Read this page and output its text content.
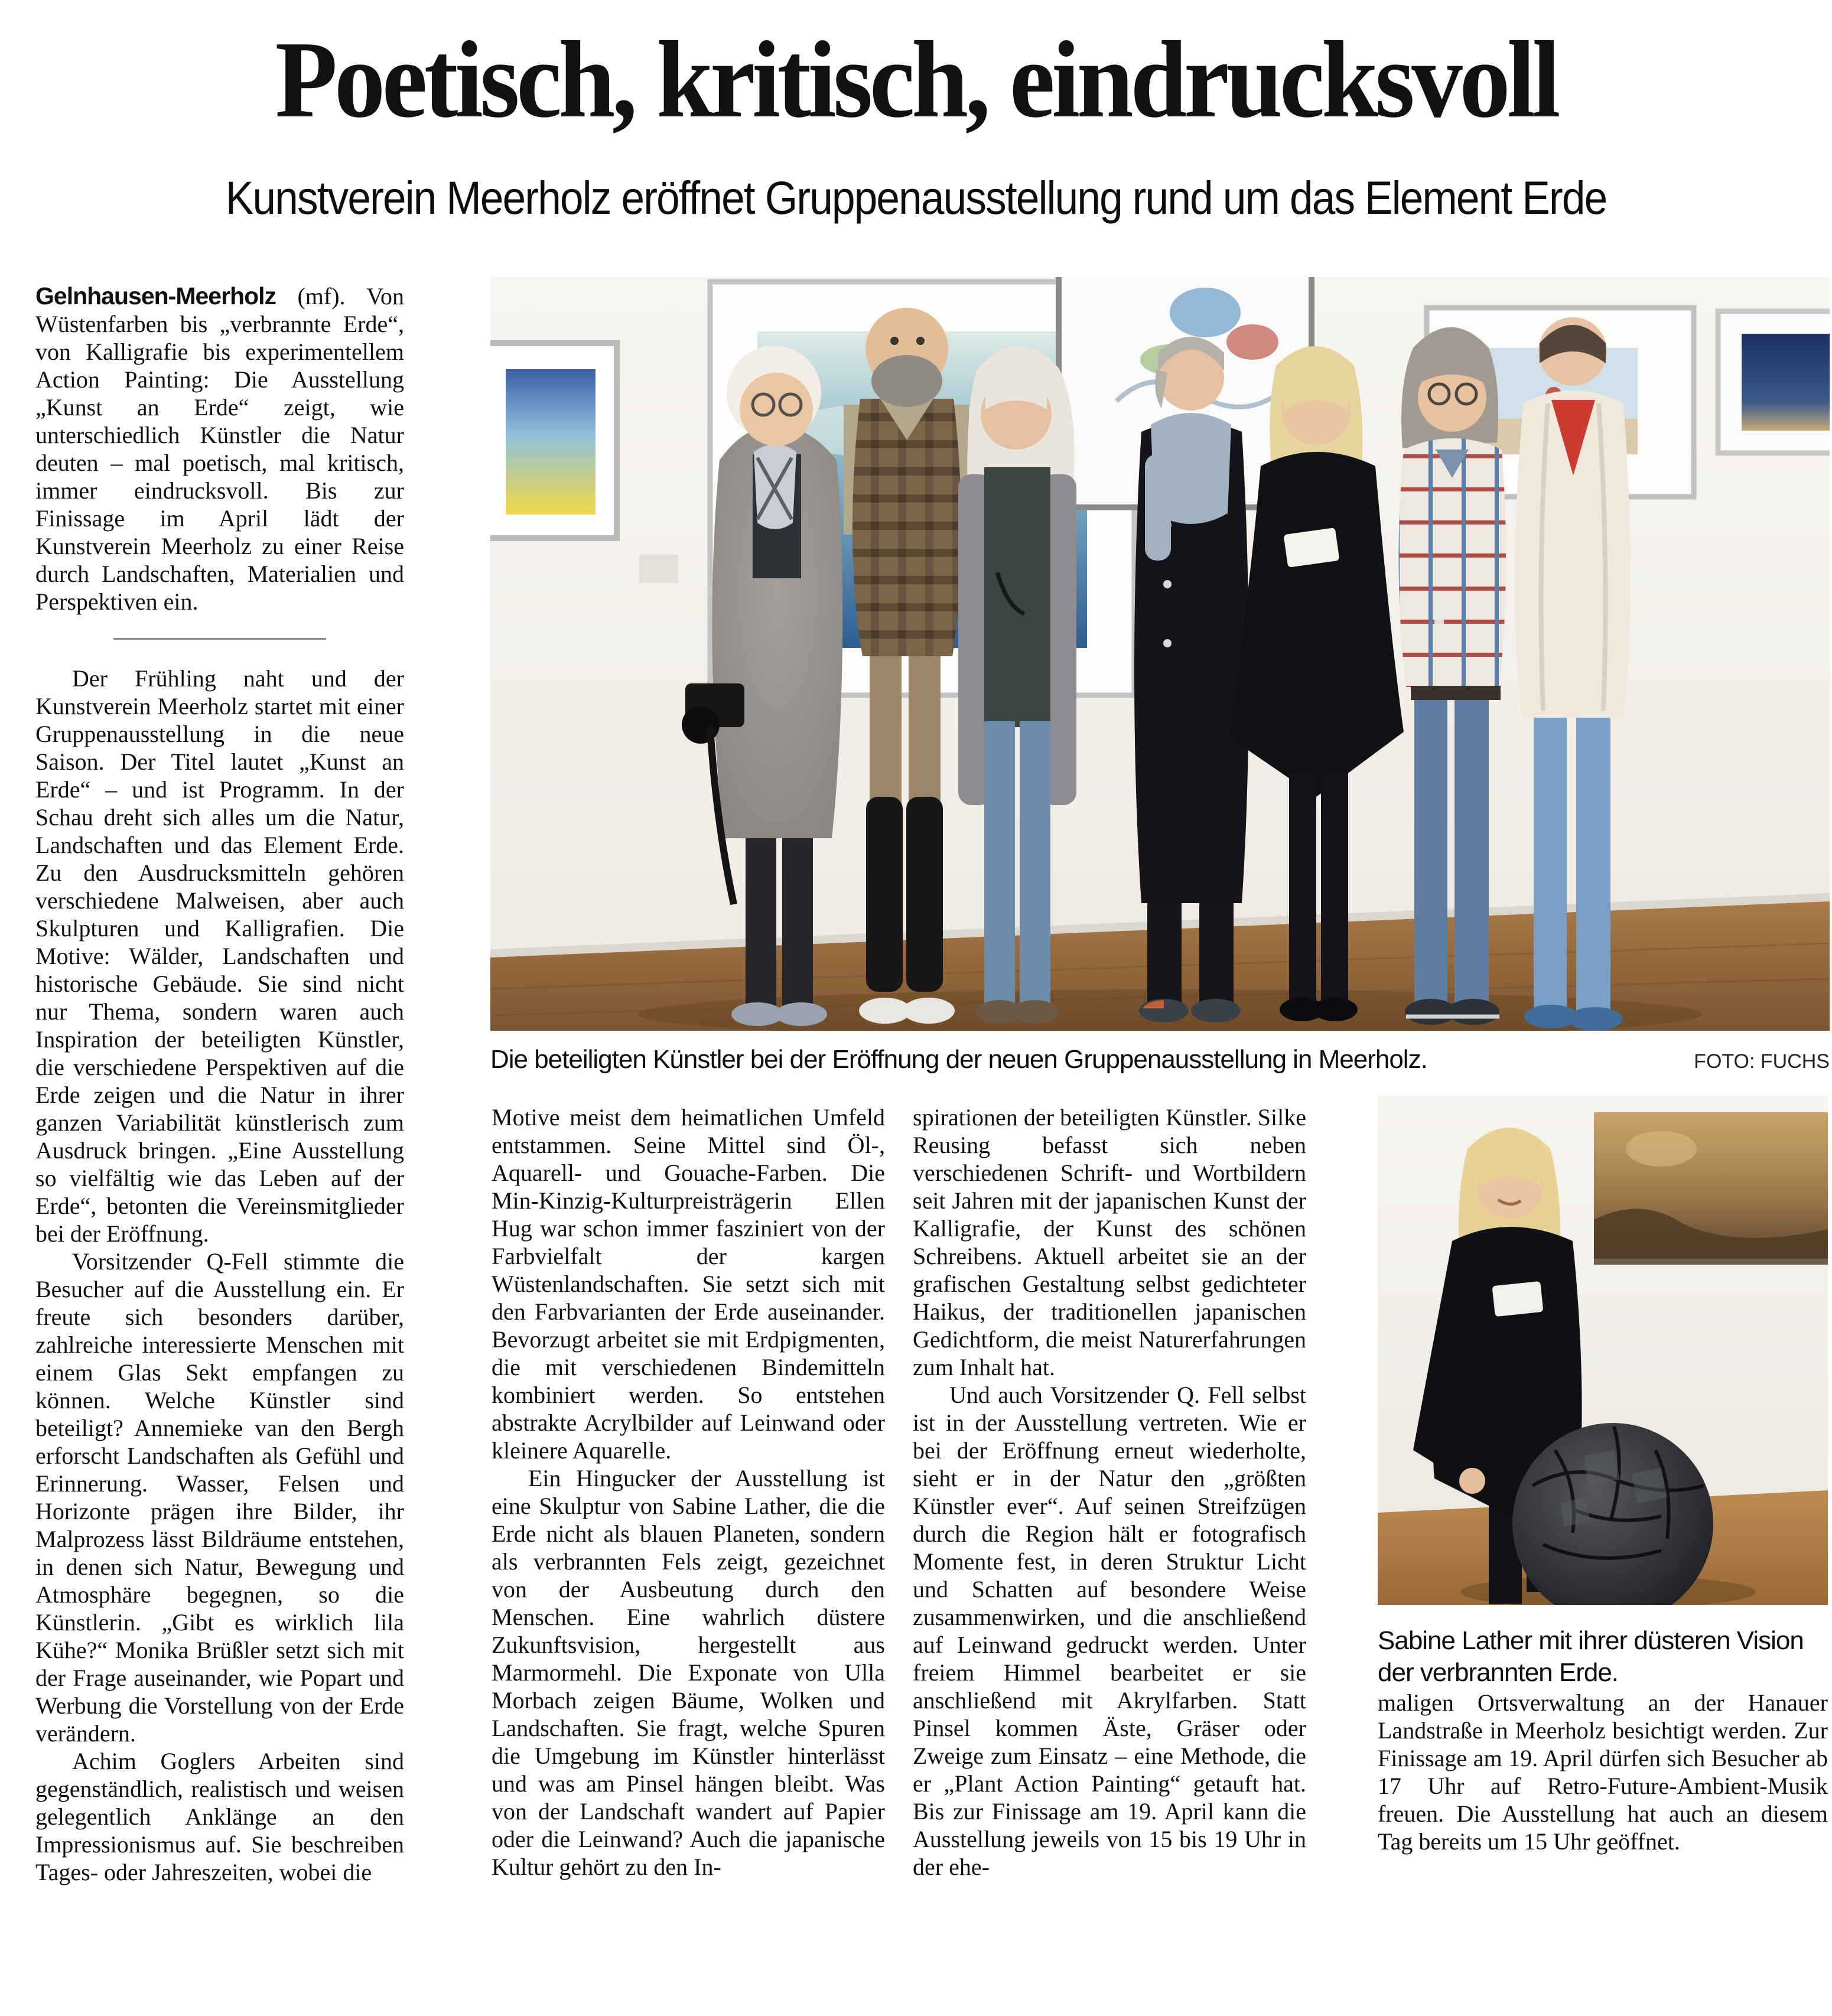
Poetisch, kritisch, eindrucksvoll
Kunstverein Meerholz eröffnet Gruppenausstellung rund um das Element Erde

Gelnhausen-Meerholz (mf). Von Wüstenfarben bis „verbrannte Erde“, von Kalligrafie bis experimentellem Action Painting: Die Ausstellung „Kunst an Erde“ zeigt, wie unterschiedlich Künstler die Natur deuten – mal poetisch, mal kritisch, immer eindrucksvoll. Bis zur Finissage im April lädt der Kunstverein Meerholz zu einer Reise durch Landschaften, Materialien und Perspektiven ein.

Der Frühling naht und der Kunstverein Meerholz startet mit einer Gruppenausstellung in die neue Saison. Der Titel lautet „Kunst an Erde“ – und ist Programm. In der Schau dreht sich alles um die Natur, Landschaften und das Element Erde. Zu den Ausdrucksmitteln gehören verschiedene Malweisen, aber auch Skulpturen und Kalligrafien. Die Motive: Wälder, Landschaften und historische Gebäude. Sie sind nicht nur Thema, sondern waren auch Inspiration der beteiligten Künstler, die verschiedene Perspektiven auf die Erde zeigen und die Natur in ihrer ganzen Variabilität künstlerisch zum Ausdruck bringen. „Eine Ausstellung so vielfältig wie das Leben auf der Erde“, betonten die Vereinsmitglieder bei der Eröffnung.

Vorsitzender Q-Fell stimmte die Besucher auf die Ausstellung ein. Er freute sich besonders darüber, zahlreiche interessierte Menschen mit einem Glas Sekt empfangen zu können. Welche Künstler sind beteiligt? Annemieke van den Bergh erforscht Landschaften als Gefühl und Erinnerung. Wasser, Felsen und Horizonte prägen ihre Bilder, ihr Malprozess lässt Bildräume entstehen, in denen sich Natur, Bewegung und Atmosphäre begegnen, so die Künstlerin. „Gibt es wirklich lila Kühe?“ Monika Brüßler setzt sich mit der Frage auseinander, wie Popart und Werbung die Vorstellung von der Erde verändern.

Achim Goglers Arbeiten sind gegenständlich, realistisch und weisen gelegentlich Anklänge an den Impressionismus auf. Sie beschreiben Tages- oder Jahreszeiten, wobei die

Die beteiligten Künstler bei der Eröffnung der neuen Gruppenausstellung in Meerholz.	FOTO: FUCHS

Motive meist dem heimatlichen Umfeld entstammen. Seine Mittel sind Öl-, Aquarell- und Gouache-Farben. Die Min-Kinzig-Kulturpreisträgerin Ellen Hug war schon immer fasziniert von der Farbvielfalt der kargen Wüstenlandschaften. Sie setzt sich mit den Farbvarianten der Erde auseinander. Bevorzugt arbeitet sie mit Erdpigmenten, die mit verschiedenen Bindemitteln kombiniert werden. So entstehen abstrakte Acrylbilder auf Leinwand oder kleinere Aquarelle.

Ein Hingucker der Ausstellung ist eine Skulptur von Sabine Lather, die die Erde nicht als blauen Planeten, sondern als verbrannten Fels zeigt, gezeichnet von der Ausbeutung durch den Menschen. Eine wahrlich düstere Zukunftsvision, hergestellt aus Marmormehl. Die Exponate von Ulla Morbach zeigen Bäume, Wolken und Landschaften. Sie fragt, welche Spuren die Umgebung im Künstler hinterlässt und was am Pinsel hängen bleibt. Was von der Landschaft wandert auf Papier oder die Leinwand? Auch die japanische Kultur gehört zu den In-

spirationen der beteiligten Künstler. Silke Reusing befasst sich neben verschiedenen Schrift- und Wortbildern seit Jahren mit der japanischen Kunst der Kalligrafie, der Kunst des schönen Schreibens. Aktuell arbeitet sie an der grafischen Gestaltung selbst gedichteter Haikus, der traditionellen japanischen Gedichtform, die meist Naturerfahrungen zum Inhalt hat.

Und auch Vorsitzender Q. Fell selbst ist in der Ausstellung vertreten. Wie er bei der Eröffnung erneut wiederholte, sieht er in der Natur den „größten Künstler ever“. Auf seinen Streifzügen durch die Region hält er fotografisch Momente fest, in deren Struktur Licht und Schatten auf besondere Weise zusammenwirken, und die anschließend auf Leinwand gedruckt werden. Unter freiem Himmel bearbeitet er sie anschließend mit Akrylfarben. Statt Pinsel kommen Äste, Gräser oder Zweige zum Einsatz – eine Methode, die er „Plant Action Painting“ getauft hat. Bis zur Finissage am 19. April kann die Ausstellung jeweils von 15 bis 19 Uhr in der ehe-

Sabine Lather mit ihrer düsteren Vision der verbrannten Erde.

maligen Ortsverwaltung an der Hanauer Landstraße in Meerholz besichtigt werden. Zur Finissage am 19. April dürfen sich Besucher ab 17 Uhr auf Retro-Future-Ambient-Musik freuen. Die Ausstellung hat auch an diesem Tag bereits um 15 Uhr geöffnet.
